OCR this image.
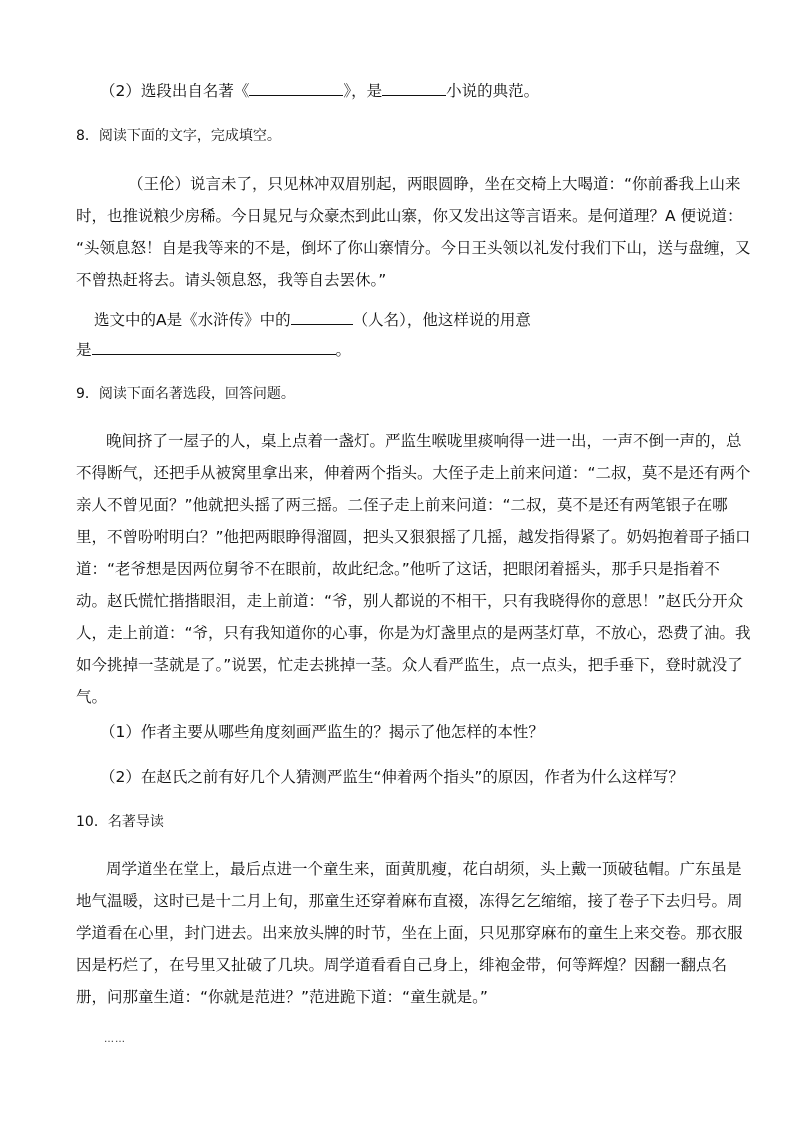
（2）选段出自名著《	》，是	小说的典范。
8．阅读下面的文字，完成填空。
（王伦）说言未了，只见林冲双眉别起，两眼圆睁，坐在交椅上大喝道：“你前番我上山来
时，也推说粮少房稀。今日晁兄与众豪杰到此山寨，你又发出这等言语来。是何道理？A 便说道：
“头领息怒！自是我等来的不是，倒坏了你山寨情分。今日王头领以礼发付我们下山，送与盘缠，又
不曾热赶将去。请头领息怒，我等自去罢休。”
选文中的A是《水浒传》中的	（人名），他这样说的用意
是	。
9．阅读下面名著选段，回答问题。
晚间挤了一屋子的人，桌上点着一盏灯。严监生喉咙里痰响得一进一出，一声不倒一声的，总
不得断气，还把手从被窝里拿出来，伸着两个指头。大侄子走上前来问道：“二叔，莫不是还有两个
亲人不曾见面？”他就把头摇了两三摇。二侄子走上前来问道：“二叔，莫不是还有两笔银子在哪
里，不曾吩咐明白？”他把两眼睁得溜圆，把头又狠狠摇了几摇，越发指得紧了。奶妈抱着哥子插口
道：“老爷想是因两位舅爷不在眼前，故此纪念。”他听了这话，把眼闭着摇头，那手只是指着不
动。赵氏慌忙揩揩眼泪，走上前道：“爷，别人都说的不相干，只有我晓得你的意思！”赵氏分开众
人，走上前道：“爷，只有我知道你的心事，你是为灯盏里点的是两茎灯草，不放心，恐费了油。我
如今挑掉一茎就是了。”说罢，忙走去挑掉一茎。众人看严监生，点一点头，把手垂下，登时就没了
气。
（1）作者主要从哪些角度刻画严监生的？揭示了他怎样的本性？
（2）在赵氏之前有好几个人猜测严监生“伸着两个指头”的原因，作者为什么这样写？
10．名著导读
周学道坐在堂上，最后点进一个童生来，面黄肌瘦，花白胡须，头上戴一顶破毡帽。广东虽是
地气温暖，这时已是十二月上旬，那童生还穿着麻布直裰，冻得乞乞缩缩，接了卷子下去归号。周
学道看在心里，封门进去。出来放头牌的时节，坐在上面，只见那穿麻布的童生上来交卷。那衣服
因是朽烂了，在号里又扯破了几块。周学道看看自己身上，绯袍金带，何等辉煌？因翻一翻点名
册，问那童生道：“你就是范进？”范进跪下道：“童生就是。”
……
